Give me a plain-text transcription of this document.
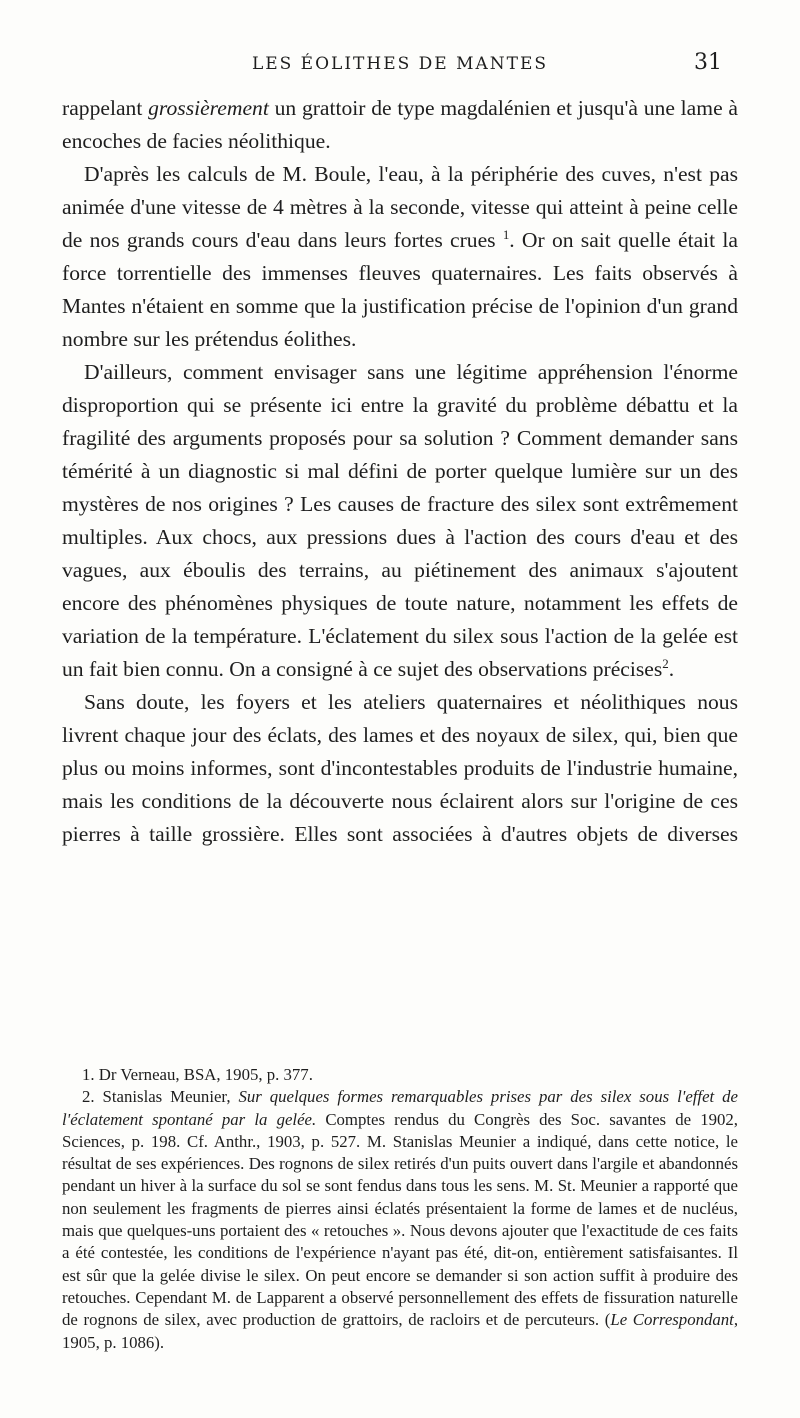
LES ÉOLITHES DE MANTES	31

rappelant grossièrement un grattoir de type magdalénien et jusqu'à une lame à encoches de facies néolithique.

D'après les calculs de M. Boule, l'eau, à la périphérie des cuves, n'est pas animée d'une vitesse de 4 mètres à la seconde, vitesse qui atteint à peine celle de nos grands cours d'eau dans leurs fortes crues $^1$. Or on sait quelle était la force torrentielle des immenses fleuves quaternaires. Les faits observés à Mantes n'étaient en somme que la justification précise de l'opinion d'un grand nombre sur les prétendus éolithes.

D'ailleurs, comment envisager sans une légitime appréhension l'énorme disproportion qui se présente ici entre la gravité du problème débattu et la fragilité des arguments proposés pour sa solution ? Comment demander sans témérité à un diagnostic si mal défini de porter quelque lumière sur un des mystères de nos origines ? Les causes de fracture des silex sont extrêmement multiples. Aux chocs, aux pressions dues à l'action des cours d'eau et des vagues, aux éboulis des terrains, au piétinement des animaux s'ajoutent encore des phénomènes physiques de toute nature, notamment les effets de variation de la température. L'éclatement du silex sous l'action de la gelée est un fait bien connu. On a consigné à ce sujet des observations précises$^2$.

Sans doute, les foyers et les ateliers quaternaires et néolithiques nous livrent chaque jour des éclats, des lames et des noyaux de silex, qui, bien que plus ou moins informes, sont d'incontestables produits de l'industrie humaine, mais les conditions de la découverte nous éclairent alors sur l'origine de ces pierres à taille grossière. Elles sont associées à d'autres objets de diverses

1. Dr Verneau, BSA, 1905, p. 377.

2. Stanislas Meunier, Sur quelques formes remarquables prises par des silex sous l'effet de l'éclatement spontané par la gelée. Comptes rendus du Congrès des Soc. savantes de 1902, Sciences, p. 198. Cf. Anthr., 1903, p. 527. M. Stanislas Meunier a indiqué, dans cette notice, le résultat de ses expériences. Des rognons de silex retirés d'un puits ouvert dans l'argile et abandonnés pendant un hiver à la surface du sol se sont fendus dans tous les sens. M. St. Meunier a rapporté que non seulement les fragments de pierres ainsi éclatés présentaient la forme de lames et de nucléus, mais que quelques-uns portaient des « retouches ». Nous devons ajouter que l'exactitude de ces faits a été contestée, les conditions de l'expérience n'ayant pas été, dit-on, entièrement satisfaisantes. Il est sûr que la gelée divise le silex. On peut encore se demander si son action suffit à produire des retouches. Cependant M. de Lapparent a observé personnellement des effets de fissuration naturelle de rognons de silex, avec production de grattoirs, de racloirs et de percuteurs. (Le Correspondant, 1905, p. 1086).
